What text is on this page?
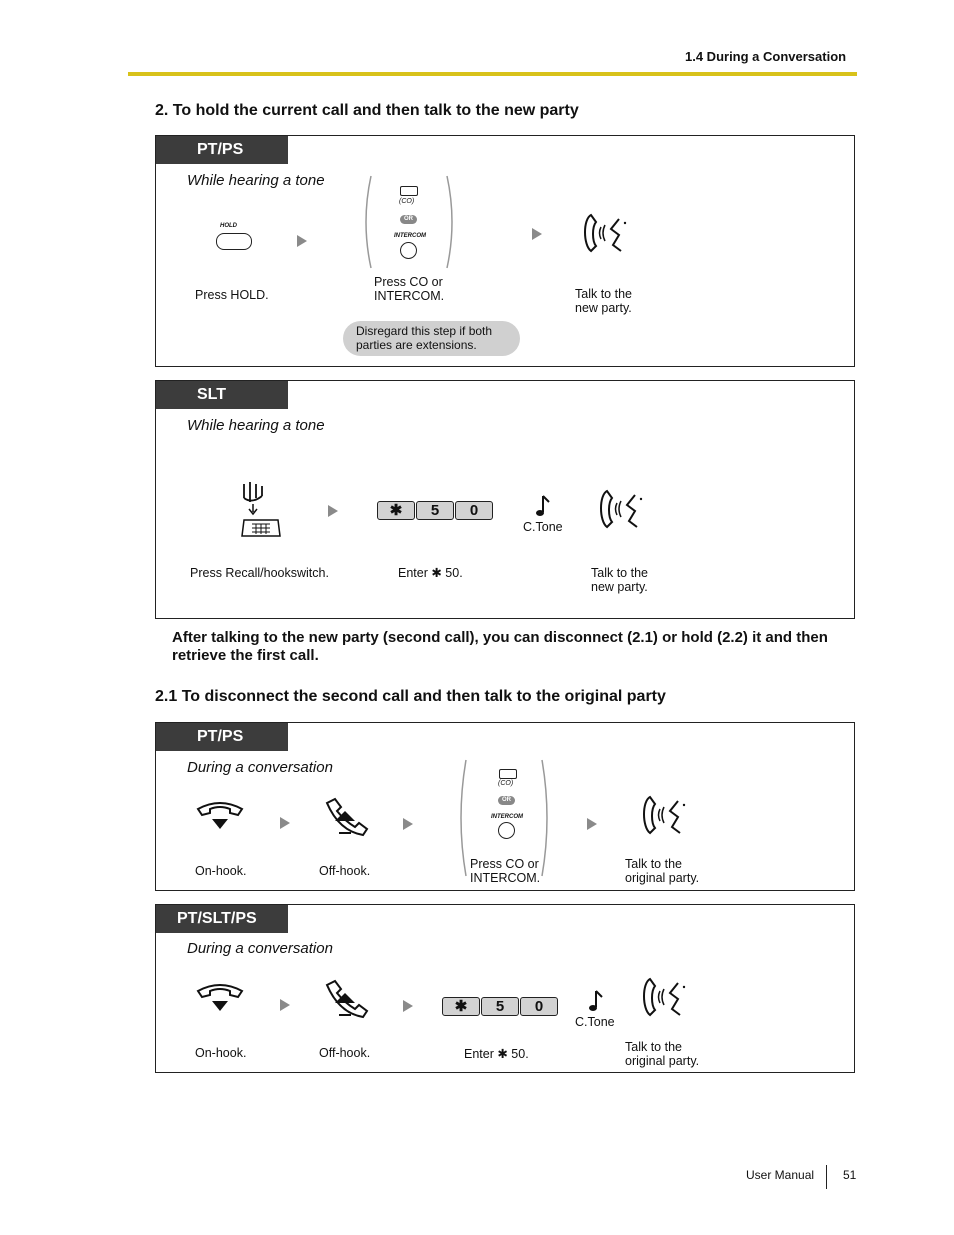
1.4 During a Conversation
2. To hold the current call and then talk to the new party
PT/PS
While hearing a tone
HOLD
(CO)
OR
INTERCOM
Press HOLD.
Press CO or INTERCOM.	Talk to the new party.
Disregard this step if both parties are extensions.
SLT
While hearing a tone
✱	5	0
C.Tone
Press Recall/hookswitch.	Enter ✱ 50.	Talk to the new party.
After talking to the new party (second call), you can disconnect (2.1) or hold (2.2) it and then retrieve the first call.
2.1 To disconnect the second call and then talk to the original party
PT/PS
During a conversation
(CO)
OR
INTERCOM
On-hook.	Off-hook.	Press CO or INTERCOM.
Talk to the original party.
PT/SLT/PS
During a conversation
✱	5	0
C.Tone
On-hook.	Off-hook.	Enter ✱ 50.	Talk to the original party.
User Manual 51
